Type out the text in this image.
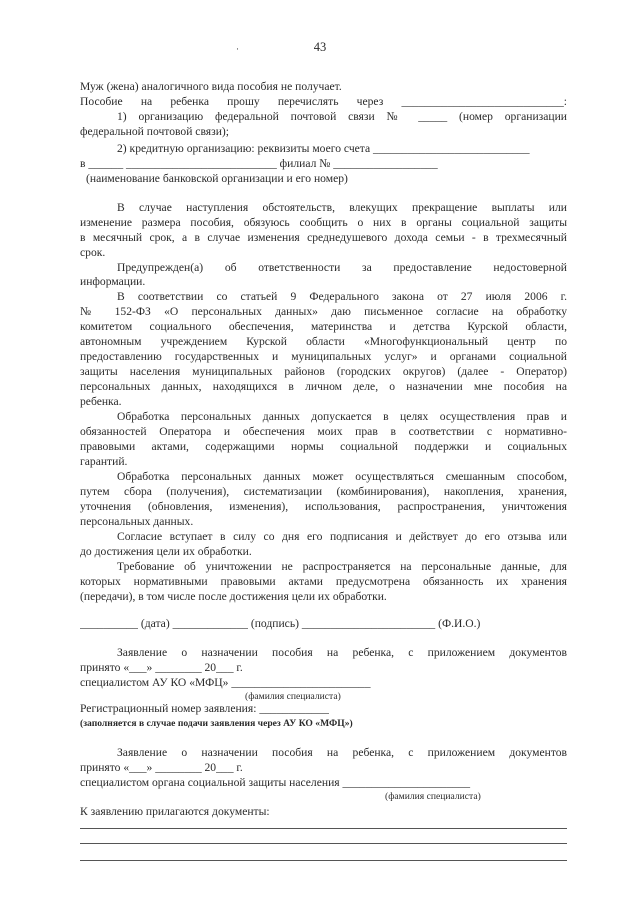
43
·
Муж (жена) аналогичного вида пособия не получает.
Пособие на ребенка прошу перечислять через ____________________________:
1) организацию федеральной почтовой связи № _____ (номер организации
федеральной почтовой связи);
2) кредитную организацию: реквизиты моего счета ___________________________
в ______ __________________________ филиал № __________________
(наименование банковской организации и его номер)
В случае наступления обстоятельств, влекущих прекращение выплаты или
изменение размера пособия, обязуюсь сообщить о них в органы социальной защиты
в месячный срок, а в случае изменения среднедушевого дохода семьи - в трехмесячный
срок.
Предупрежден(а) об ответственности за предоставление недостоверной
информации.
В соответствии со статьей 9 Федерального закона от 27 июля 2006 г.
№ 152-ФЗ «О персональных данных» даю письменное согласие на обработку
комитетом социального обеспечения, материнства и детства Курской области,
автономным учреждением Курской области «Многофункциональный центр по
предоставлению государственных и муниципальных услуг» и органами социальной
защиты населения муниципальных районов (городских округов) (далее - Оператор)
персональных данных, находящихся в личном деле, о назначении мне пособия на
ребенка.
Обработка персональных данных допускается в целях осуществления прав и
обязанностей Оператора и обеспечения моих прав в соответствии с нормативно-
правовыми актами, содержащими нормы социальной поддержки и социальных
гарантий.
Обработка персональных данных может осуществляться смешанным способом,
путем сбора (получения), систематизации (комбинирования), накопления, хранения,
уточнения (обновления, изменения), использования, распространения, уничтожения
персональных данных.
Согласие вступает в силу со дня его подписания и действует до его отзыва или
до достижения цели их обработки.
Требование об уничтожении не распространяется на персональные данные, для
которых нормативными правовыми актами предусмотрена обязанность их хранения
(передачи), в том числе после достижения цели их обработки.
__________ (дата) _____________ (подпись) _______________________ (Ф.И.О.)
Заявление о назначении пособия на ребенка, с приложением документов
принято «___» ________ 20___ г.
специалистом АУ КО «МФЦ» ________________________
(фамилия специалиста)
Регистрационный номер заявления: ____________
(заполняется в случае подачи заявления через АУ КО «МФЦ»)
Заявление о назначении пособия на ребенка, с приложением документов
принято «___» ________ 20___ г.
специалистом органа социальной защиты населения ______________________
(фамилия специалиста)
К заявлению прилагаются документы:
